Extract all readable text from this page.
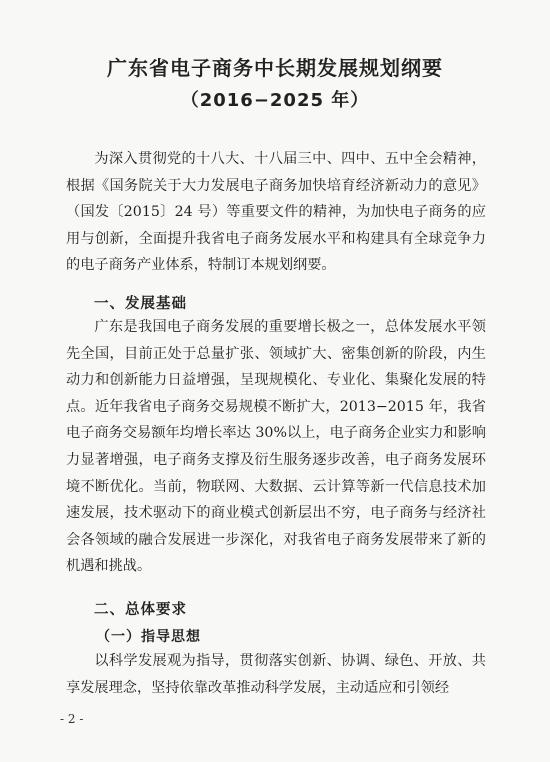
广东省电子商务中长期发展规划纲要
（2016−2025 年）

为深入贯彻党的十八大、十八届三中、四中、五中全会精神，根据《国务院关于大力发展电子商务加快培育经济新动力的意见》（国发〔2015〕24 号）等重要文件的精神，为加快电子商务的应用与创新，全面提升我省电子商务发展水平和构建具有全球竞争力的电子商务产业体系，特制订本规划纲要。

一、发展基础

广东是我国电子商务发展的重要增长极之一，总体发展水平领先全国，目前正处于总量扩张、领域扩大、密集创新的阶段，内生动力和创新能力日益增强，呈现规模化、专业化、集聚化发展的特点。近年我省电子商务交易规模不断扩大，2013−2015 年，我省电子商务交易额年均增长率达 30%以上，电子商务企业实力和影响力显著增强，电子商务支撑及衍生服务逐步改善，电子商务发展环境不断优化。当前，物联网、大数据、云计算等新一代信息技术加速发展，技术驱动下的商业模式创新层出不穷，电子商务与经济社会各领域的融合发展进一步深化，对我省电子商务发展带来了新的机遇和挑战。

二、总体要求
（一）指导思想

以科学发展观为指导，贯彻落实创新、协调、绿色、开放、共享发展理念，坚持依靠改革推动科学发展，主动适应和引领经

- 2 -
